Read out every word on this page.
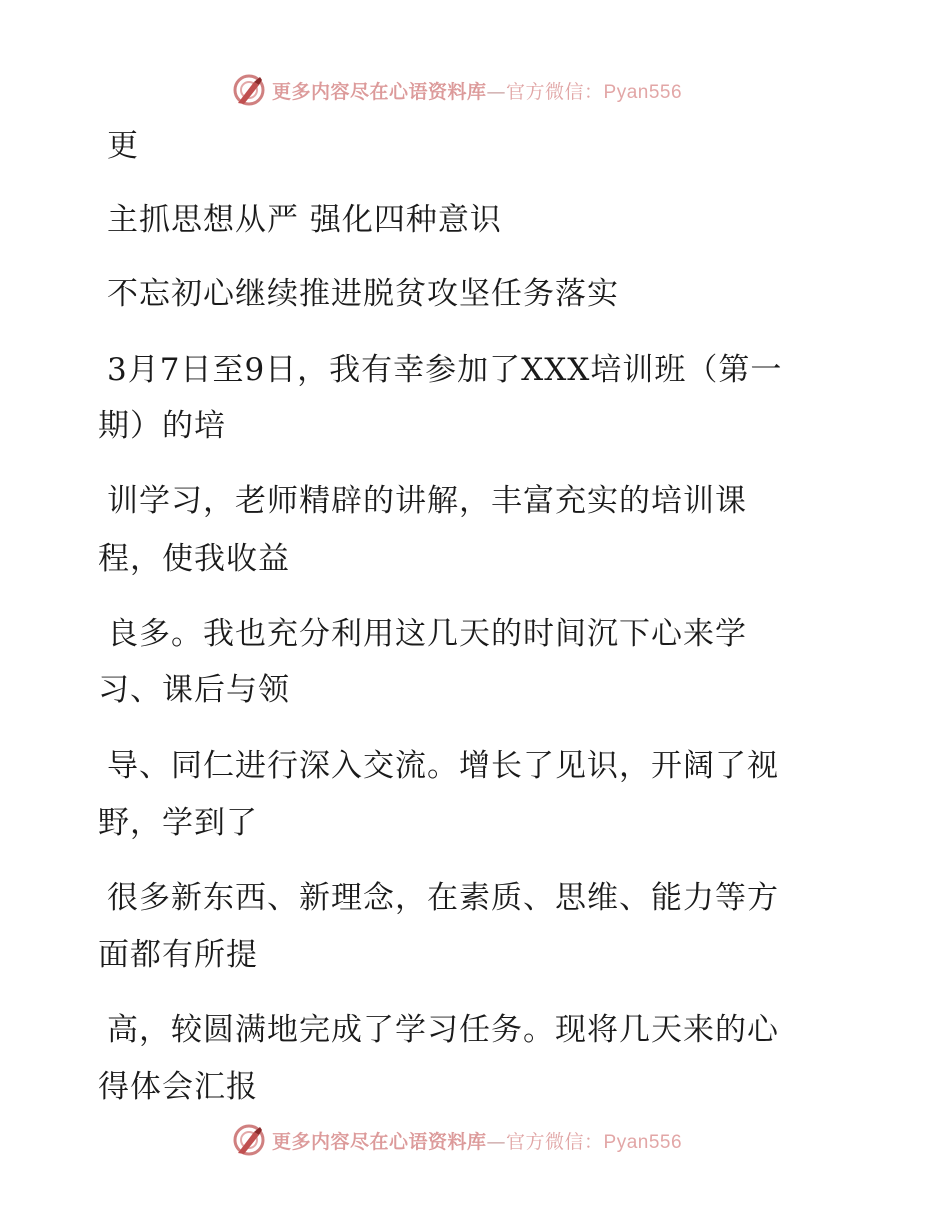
更多内容尽在心语资料库—官方微信：Pyan556
更
主抓思想从严 强化四种意识
不忘初心继续推进脱贫攻坚任务落实
3月7日至9日，我有幸参加了XXX培训班（第一
期）的培
训学习，老师精辟的讲解，丰富充实的培训课
程，使我收益
良多。我也充分利用这几天的时间沉下心来学
习、课后与领
导、同仁进行深入交流。增长了见识，开阔了视
野，学到了
很多新东西、新理念，在素质、思维、能力等方
面都有所提
高，较圆满地完成了学习任务。现将几天来的心
得体会汇报
更多内容尽在心语资料库—官方微信：Pyan556
